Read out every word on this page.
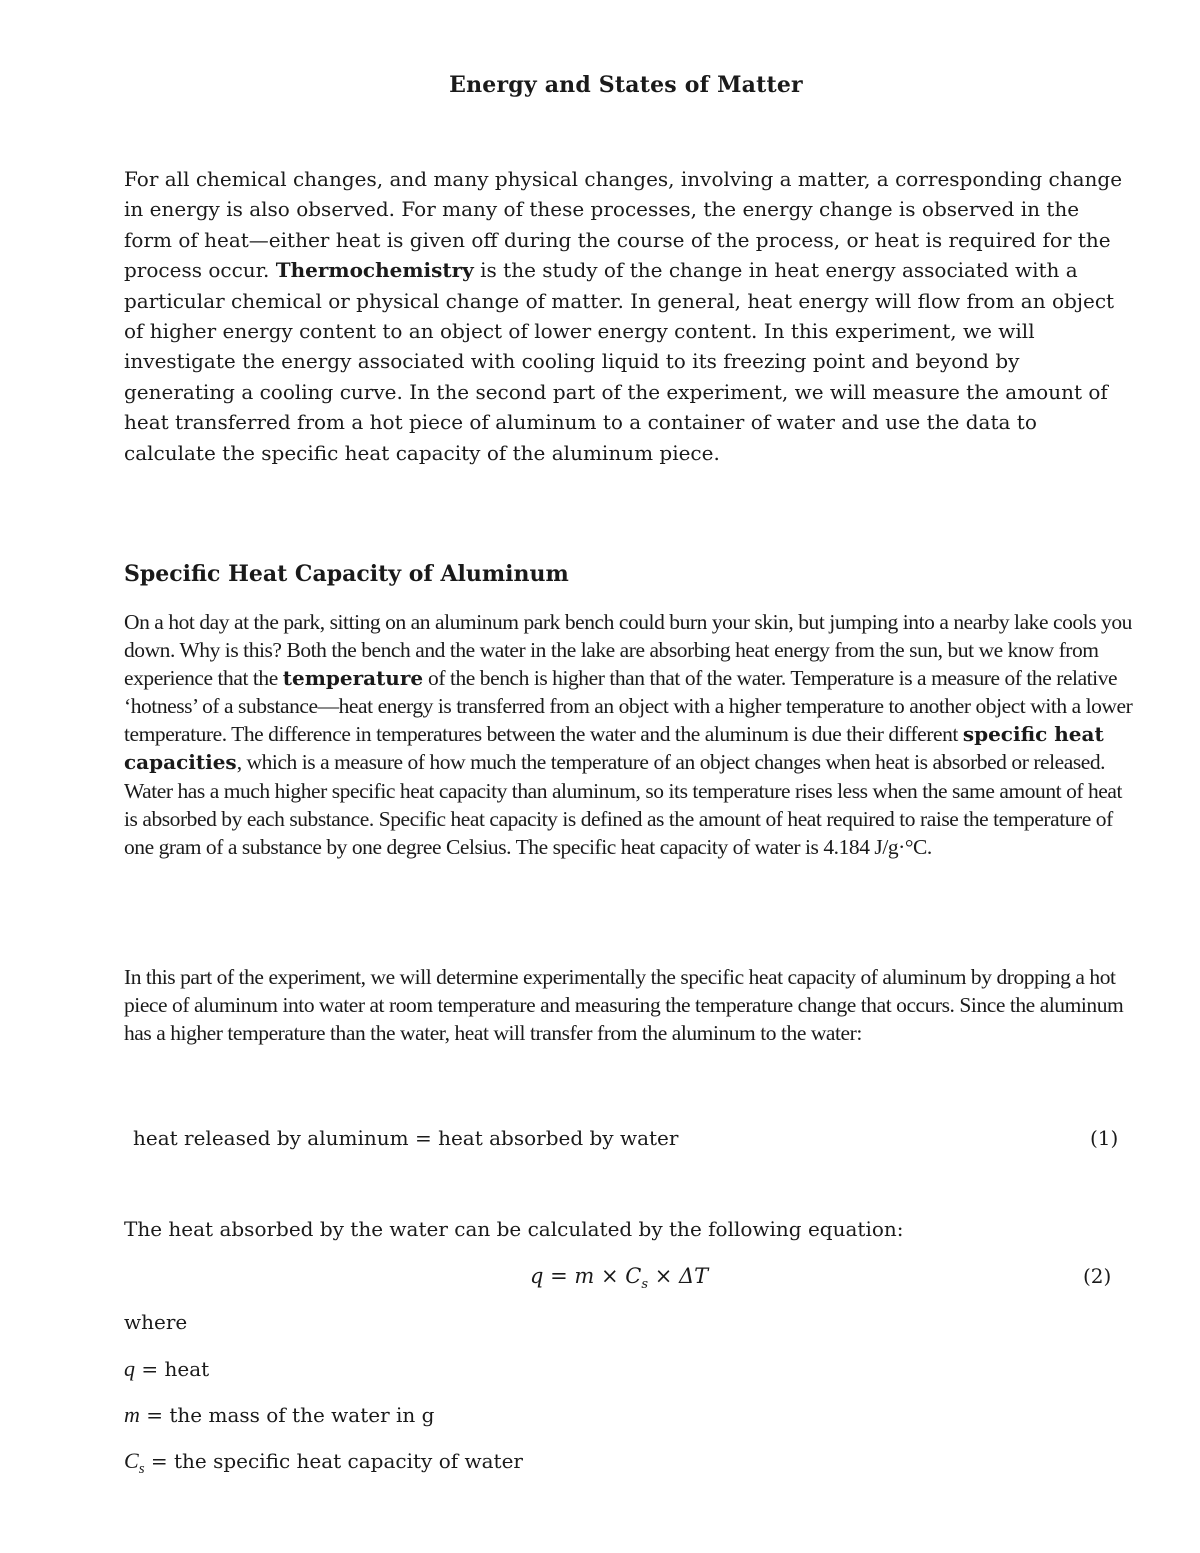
Energy and States of Matter

For all chemical changes, and many physical changes, involving a matter, a corresponding change in energy is also observed. For many of these processes, the energy change is observed in the form of heat—either heat is given off during the course of the process, or heat is required for the process occur. Thermochemistry is the study of the change in heat energy associated with a particular chemical or physical change of matter. In general, heat energy will flow from an object of higher energy content to an object of lower energy content. In this experiment, we will investigate the energy associated with cooling liquid to its freezing point and beyond by generating a cooling curve. In the second part of the experiment, we will measure the amount of heat transferred from a hot piece of aluminum to a container of water and use the data to calculate the specific heat capacity of the aluminum piece.

Specific Heat Capacity of Aluminum

On a hot day at the park, sitting on an aluminum park bench could burn your skin, but jumping into a nearby lake cools you down. Why is this? Both the bench and the water in the lake are absorbing heat energy from the sun, but we know from experience that the temperature of the bench is higher than that of the water. Temperature is a measure of the relative ‘hotness’ of a substance—heat energy is transferred from an object with a higher temperature to another object with a lower temperature. The difference in temperatures between the water and the aluminum is due their different specific heat capacities, which is a measure of how much the temperature of an object changes when heat is absorbed or released. Water has a much higher specific heat capacity than aluminum, so its temperature rises less when the same amount of heat is absorbed by each substance. Specific heat capacity is defined as the amount of heat required to raise the temperature of one gram of a substance by one degree Celsius. The specific heat capacity of water is 4.184 J/g·°C.

In this part of the experiment, we will determine experimentally the specific heat capacity of aluminum by dropping a hot piece of aluminum into water at room temperature and measuring the temperature change that occurs. Since the aluminum has a higher temperature than the water, heat will transfer from the aluminum to the water:

heat released by aluminum = heat absorbed by water	(1)
The heat absorbed by the water can be calculated by the following equation:
$q = m \times C_s \times \Delta T$	(2)
where
q = heat
m = the mass of the water in g
$C_s$ = the specific heat capacity of water
